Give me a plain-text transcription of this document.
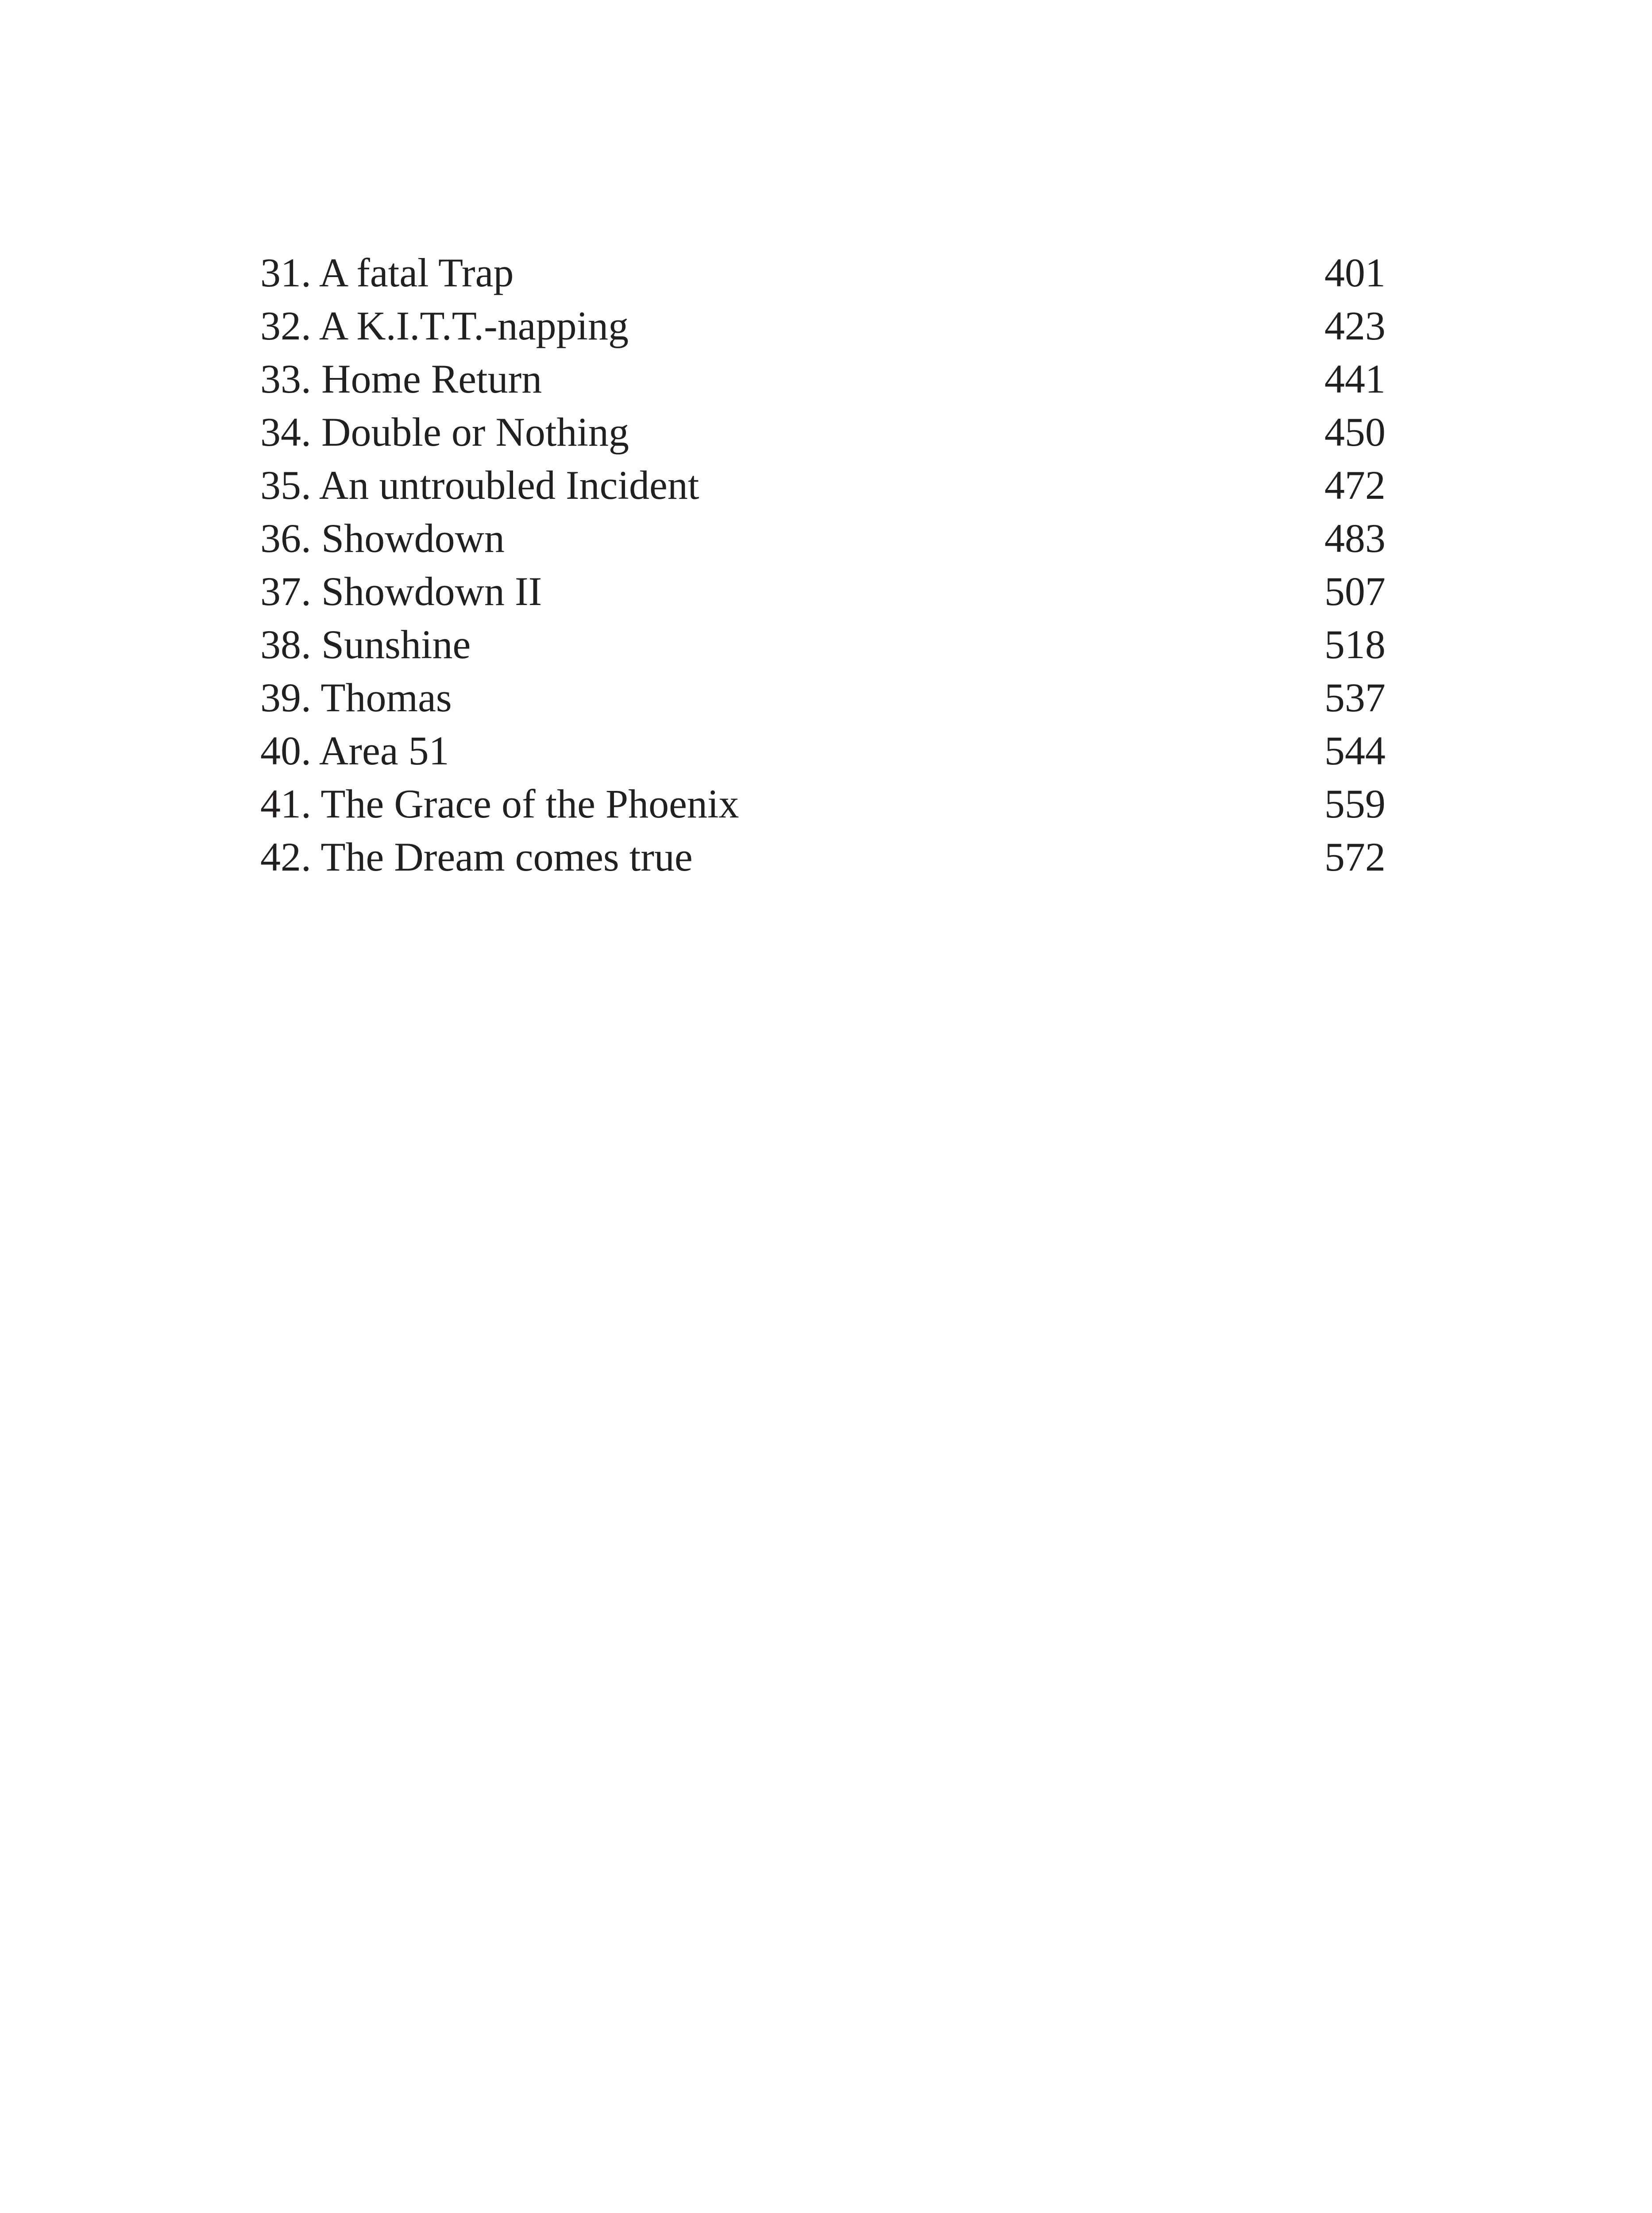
31. A fatal Trap	401
32. A K.I.T.T.-napping	423
33. Home Return	441
34. Double or Nothing	450
35. An untroubled Incident	472
36. Showdown	483
37. Showdown II	507
38. Sunshine	518
39. Thomas	537
40. Area 51	544
41. The Grace of the Phoenix	559
42. The Dream comes true	572
